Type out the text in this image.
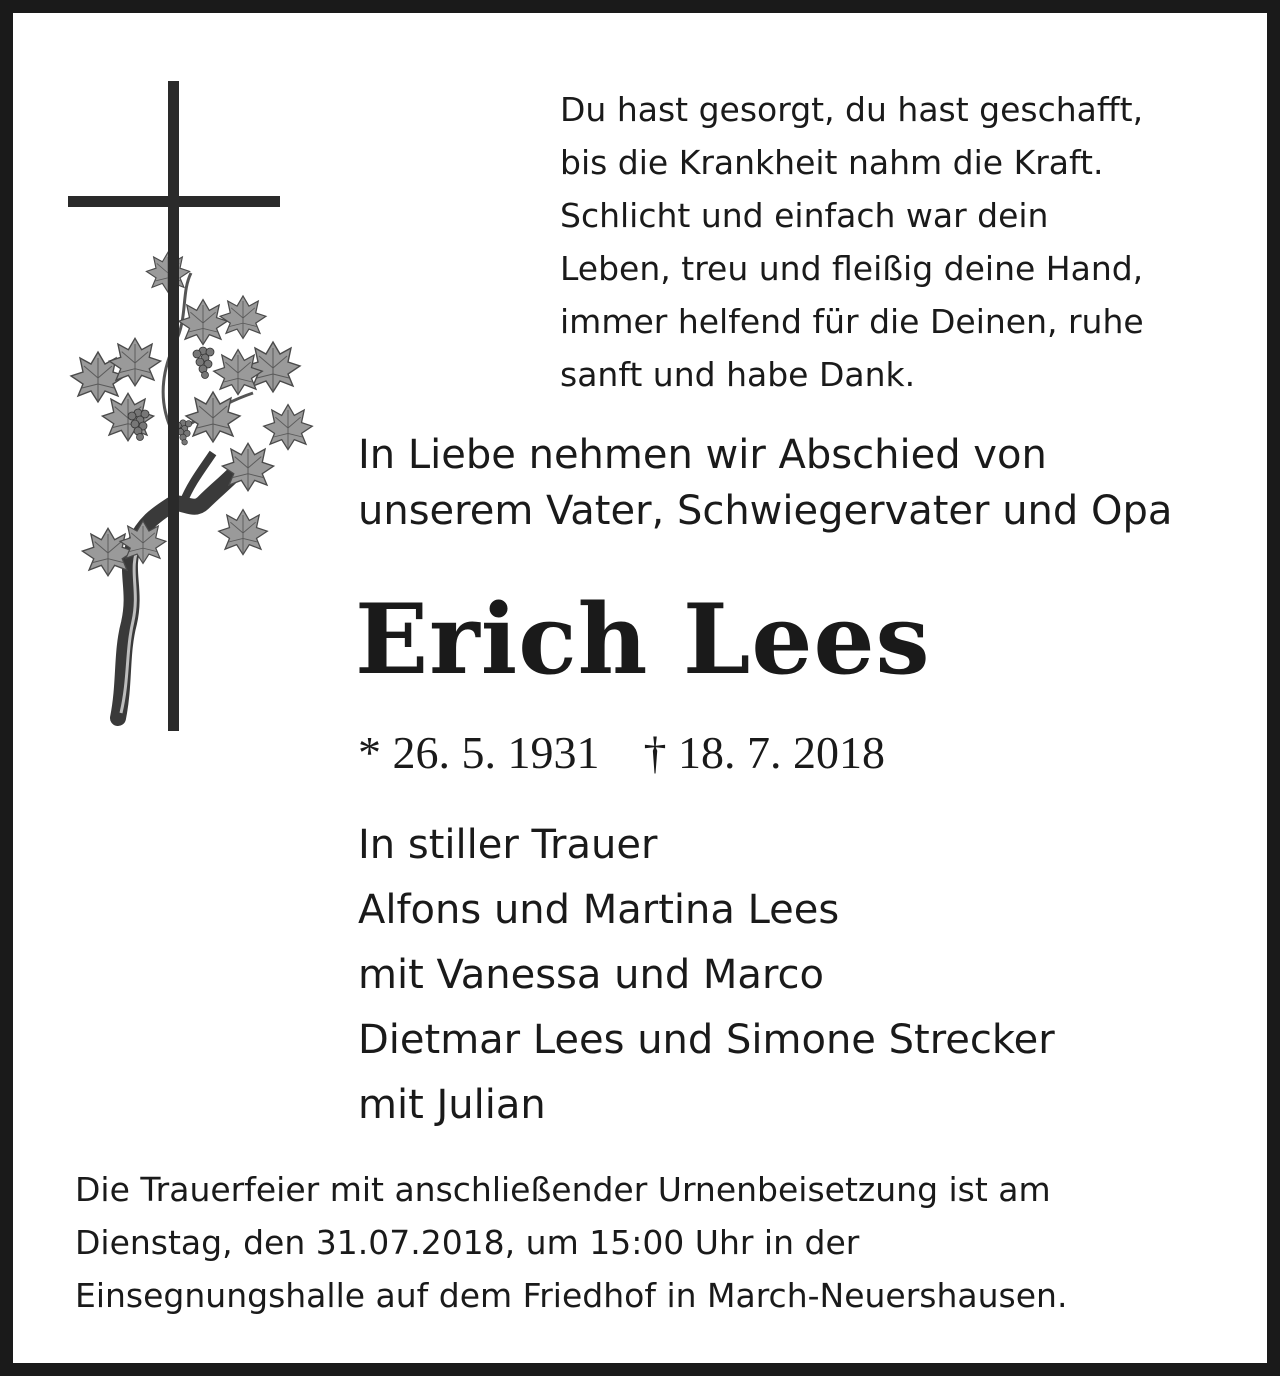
Du hast gesorgt, du hast geschafft,
bis die Krankheit nahm die Kraft.
Schlicht und einfach war dein
Leben, treu und fleißig deine Hand,
immer helfend für die Deinen, ruhe
sanft und habe Dank.
In Liebe nehmen wir Abschied von
unserem Vater, Schwiegervater und Opa
Erich Lees
* 26. 5. 1931 † 18. 7. 2018
In stiller Trauer
Alfons und Martina Lees
mit Vanessa und Marco
Dietmar Lees und Simone Strecker
mit Julian
Die Trauerfeier mit anschließender Urnenbeisetzung ist am
Dienstag, den 31.07.2018, um 15:00 Uhr in der
Einsegnungshalle auf dem Friedhof in March-Neuershausen.
